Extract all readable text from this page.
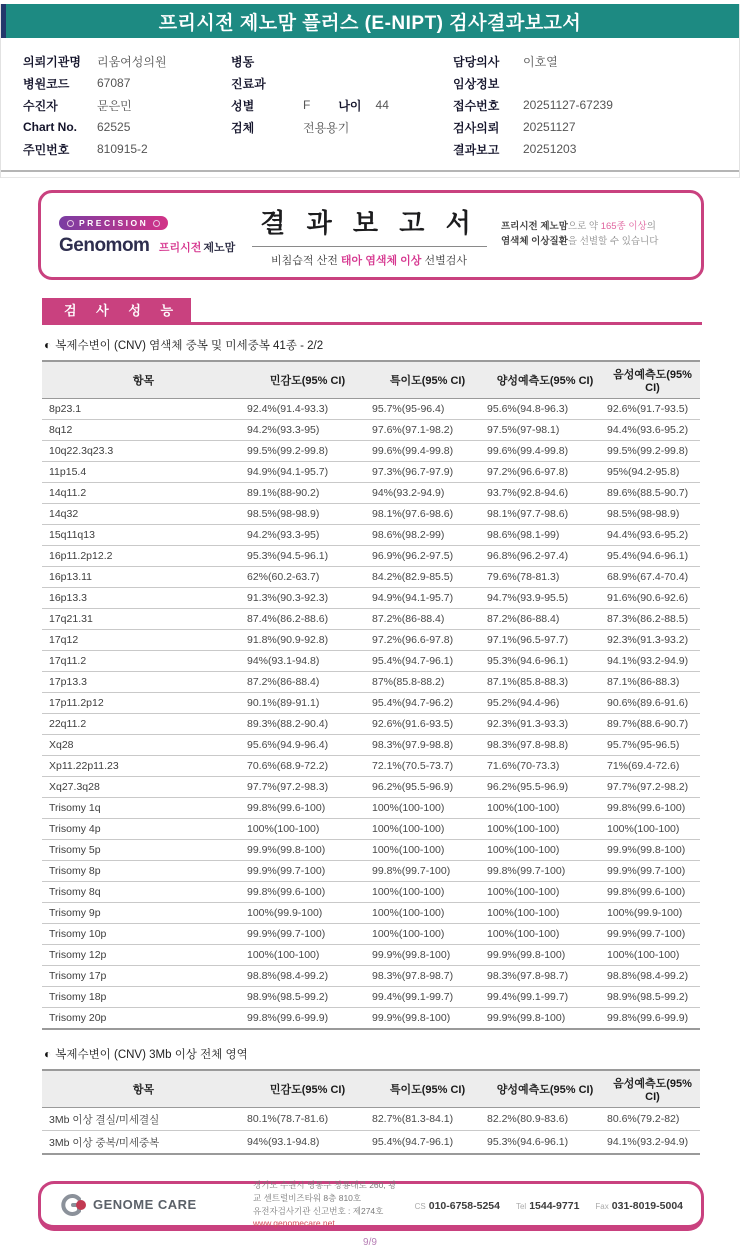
프리시전 제노맘 플러스 (E-NIPT) 검사결과보고서
의뢰기관명	리움여성의원
병원코드	67087
수진자	문은민
Chart No.	62525
주민번호	810915-2
병동
진료과
성별	F 나이 44
검체	전용용기
담당의사	이호열
임상정보
접수번호	20251127-67239
검사의뢰	20251127
결과보고	20251203
PRECISION
Genomom 프리시전 제노맘
결 과 보 고 서
비침습적 산전 태아 염색체 이상 선별검사
프리시전 제노맘으로 약 165종 이상의
염색체 이상질환을 선별할 수 있습니다
검 사 성 능
◐ 복제수변이 (CNV) 염색체 중복 및 미세중복 41종 - 2/2
항목	민감도(95% CI)	특이도(95% CI)	양성예측도(95% CI)	음성예측도(95% CI)
8p23.1	92.4%(91.4-93.3)	95.7%(95-96.4)	95.6%(94.8-96.3)	92.6%(91.7-93.5)
8q12	94.2%(93.3-95)	97.6%(97.1-98.2)	97.5%(97-98.1)	94.4%(93.6-95.2)
10q22.3q23.3	99.5%(99.2-99.8)	99.6%(99.4-99.8)	99.6%(99.4-99.8)	99.5%(99.2-99.8)
11p15.4	94.9%(94.1-95.7)	97.3%(96.7-97.9)	97.2%(96.6-97.8)	95%(94.2-95.8)
14q11.2	89.1%(88-90.2)	94%(93.2-94.9)	93.7%(92.8-94.6)	89.6%(88.5-90.7)
14q32	98.5%(98-98.9)	98.1%(97.6-98.6)	98.1%(97.7-98.6)	98.5%(98-98.9)
15q11q13	94.2%(93.3-95)	98.6%(98.2-99)	98.6%(98.1-99)	94.4%(93.6-95.2)
16p11.2p12.2	95.3%(94.5-96.1)	96.9%(96.2-97.5)	96.8%(96.2-97.4)	95.4%(94.6-96.1)
16p13.11	62%(60.2-63.7)	84.2%(82.9-85.5)	79.6%(78-81.3)	68.9%(67.4-70.4)
16p13.3	91.3%(90.3-92.3)	94.9%(94.1-95.7)	94.7%(93.9-95.5)	91.6%(90.6-92.6)
17q21.31	87.4%(86.2-88.6)	87.2%(86-88.4)	87.2%(86-88.4)	87.3%(86.2-88.5)
17q12	91.8%(90.9-92.8)	97.2%(96.6-97.8)	97.1%(96.5-97.7)	92.3%(91.3-93.2)
17q11.2	94%(93.1-94.8)	95.4%(94.7-96.1)	95.3%(94.6-96.1)	94.1%(93.2-94.9)
17p13.3	87.2%(86-88.4)	87%(85.8-88.2)	87.1%(85.8-88.3)	87.1%(86-88.3)
17p11.2p12	90.1%(89-91.1)	95.4%(94.7-96.2)	95.2%(94.4-96)	90.6%(89.6-91.6)
22q11.2	89.3%(88.2-90.4)	92.6%(91.6-93.5)	92.3%(91.3-93.3)	89.7%(88.6-90.7)
Xq28	95.6%(94.9-96.4)	98.3%(97.9-98.8)	98.3%(97.8-98.8)	95.7%(95-96.5)
Xp11.22p11.23	70.6%(68.9-72.2)	72.1%(70.5-73.7)	71.6%(70-73.3)	71%(69.4-72.6)
Xq27.3q28	97.7%(97.2-98.3)	96.2%(95.5-96.9)	96.2%(95.5-96.9)	97.7%(97.2-98.2)
Trisomy 1q	99.8%(99.6-100)	100%(100-100)	100%(100-100)	99.8%(99.6-100)
Trisomy 4p	100%(100-100)	100%(100-100)	100%(100-100)	100%(100-100)
Trisomy 5p	99.9%(99.8-100)	100%(100-100)	100%(100-100)	99.9%(99.8-100)
Trisomy 8p	99.9%(99.7-100)	99.8%(99.7-100)	99.8%(99.7-100)	99.9%(99.7-100)
Trisomy 8q	99.8%(99.6-100)	100%(100-100)	100%(100-100)	99.8%(99.6-100)
Trisomy 9p	100%(99.9-100)	100%(100-100)	100%(100-100)	100%(99.9-100)
Trisomy 10p	99.9%(99.7-100)	100%(100-100)	100%(100-100)	99.9%(99.7-100)
Trisomy 12p	100%(100-100)	99.9%(99.8-100)	99.9%(99.8-100)	100%(100-100)
Trisomy 17p	98.8%(98.4-99.2)	98.3%(97.8-98.7)	98.3%(97.8-98.7)	98.8%(98.4-99.2)
Trisomy 18p	98.9%(98.5-99.2)	99.4%(99.1-99.7)	99.4%(99.1-99.7)	98.9%(98.5-99.2)
Trisomy 20p	99.8%(99.6-99.9)	99.9%(99.8-100)	99.9%(99.8-100)	99.8%(99.6-99.9)
◐ 복제수변이 (CNV) 3Mb 이상 전체 영역
항목	민감도(95% CI)	특이도(95% CI)	양성예측도(95% CI)	음성예측도(95% CI)
3Mb 이상 결실/미세결실	80.1%(78.7-81.6)	82.7%(81.3-84.1)	82.2%(80.9-83.6)	80.6%(79.2-82)
3Mb 이상 중복/미세중복	94%(93.1-94.8)	95.4%(94.7-96.1)	95.3%(94.6-96.1)	94.1%(93.2-94.9)
GENOME CARE
경기도 수원시 영통구 창룡대로 260, 광교 센트럴비즈타워 8층 810호
유전자검사기관 신고번호 : 제274호
www.genomecare.net
CS 010-6758-5254 Tel 1544-9771 Fax 031-8019-5004
9/9
